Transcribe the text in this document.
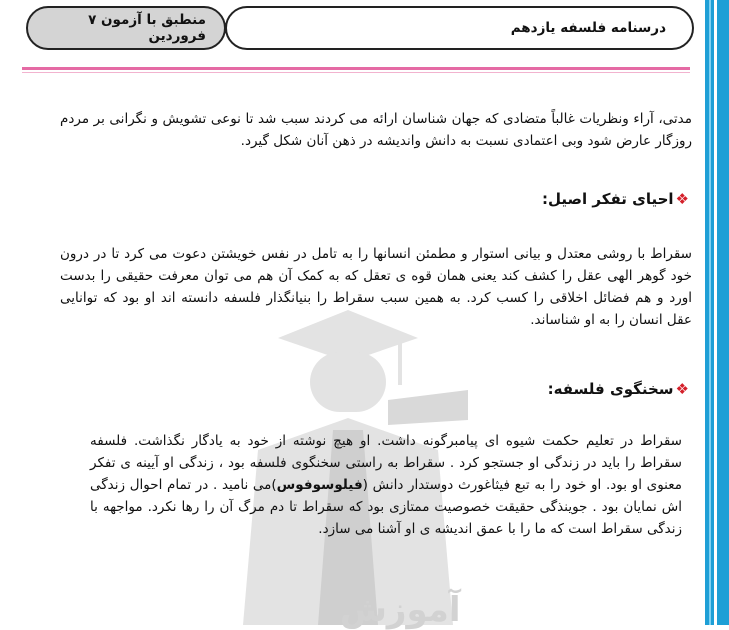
درسنامه فلسفه یازدهم
منطبق با آزمون ۷ فروردین
آموزش
مدتی، آراء ونظریات غالباً متضادی که جهان شناسان ارائه می کردند سبب شد تا نوعی تشویش و نگرانی بر مردم روزگار عارض شود وبی اعتمادی نسبت به دانش واندیشه در ذهن آنان شکل گیرد.
❖
احیای تفکر اصیل:
سقراط با روشی معتدل و بیانی استوار و مطمئن انسانها را به تامل در نفس خویشتن دعوت می کرد تا در درون خود گوهر الهی عقل را کشف کند یعنی همان قوه ی تعقل که به کمک آن هم می توان معرفت حقیقی را بدست اورد و هم فضائل اخلاقی را کسب کرد. به همین سبب سقراط را بنیانگذار فلسفه دانسته اند او بود که توانایی عقل انسان را به او شناساند.
❖
سخنگوی فلسفه:
سقراط در تعلیم حکمت شیوه ای پیامبرگونه داشت. او هیچ نوشته از خود به یادگار نگذاشت. فلسفه سقراط را باید در زندگی او جستجو کرد . سقراط به راستی سخنگوی فلسفه بود ، زندگی او آیینه ی تفکر معنوی او بود. او خود را به تبع فیثاغورث دوستدار دانش (فیلوسوفوس)می نامید . در تمام احوال زندگی اش نمایان بود . جوینذگی حقیقت خصوصیت ممتازی بود که سقراط تا دم مرگ آن را رها نکرد. مواجهه با زندگی سقراط است که ما را با عمق اندیشه ی او آشنا می سازد.
